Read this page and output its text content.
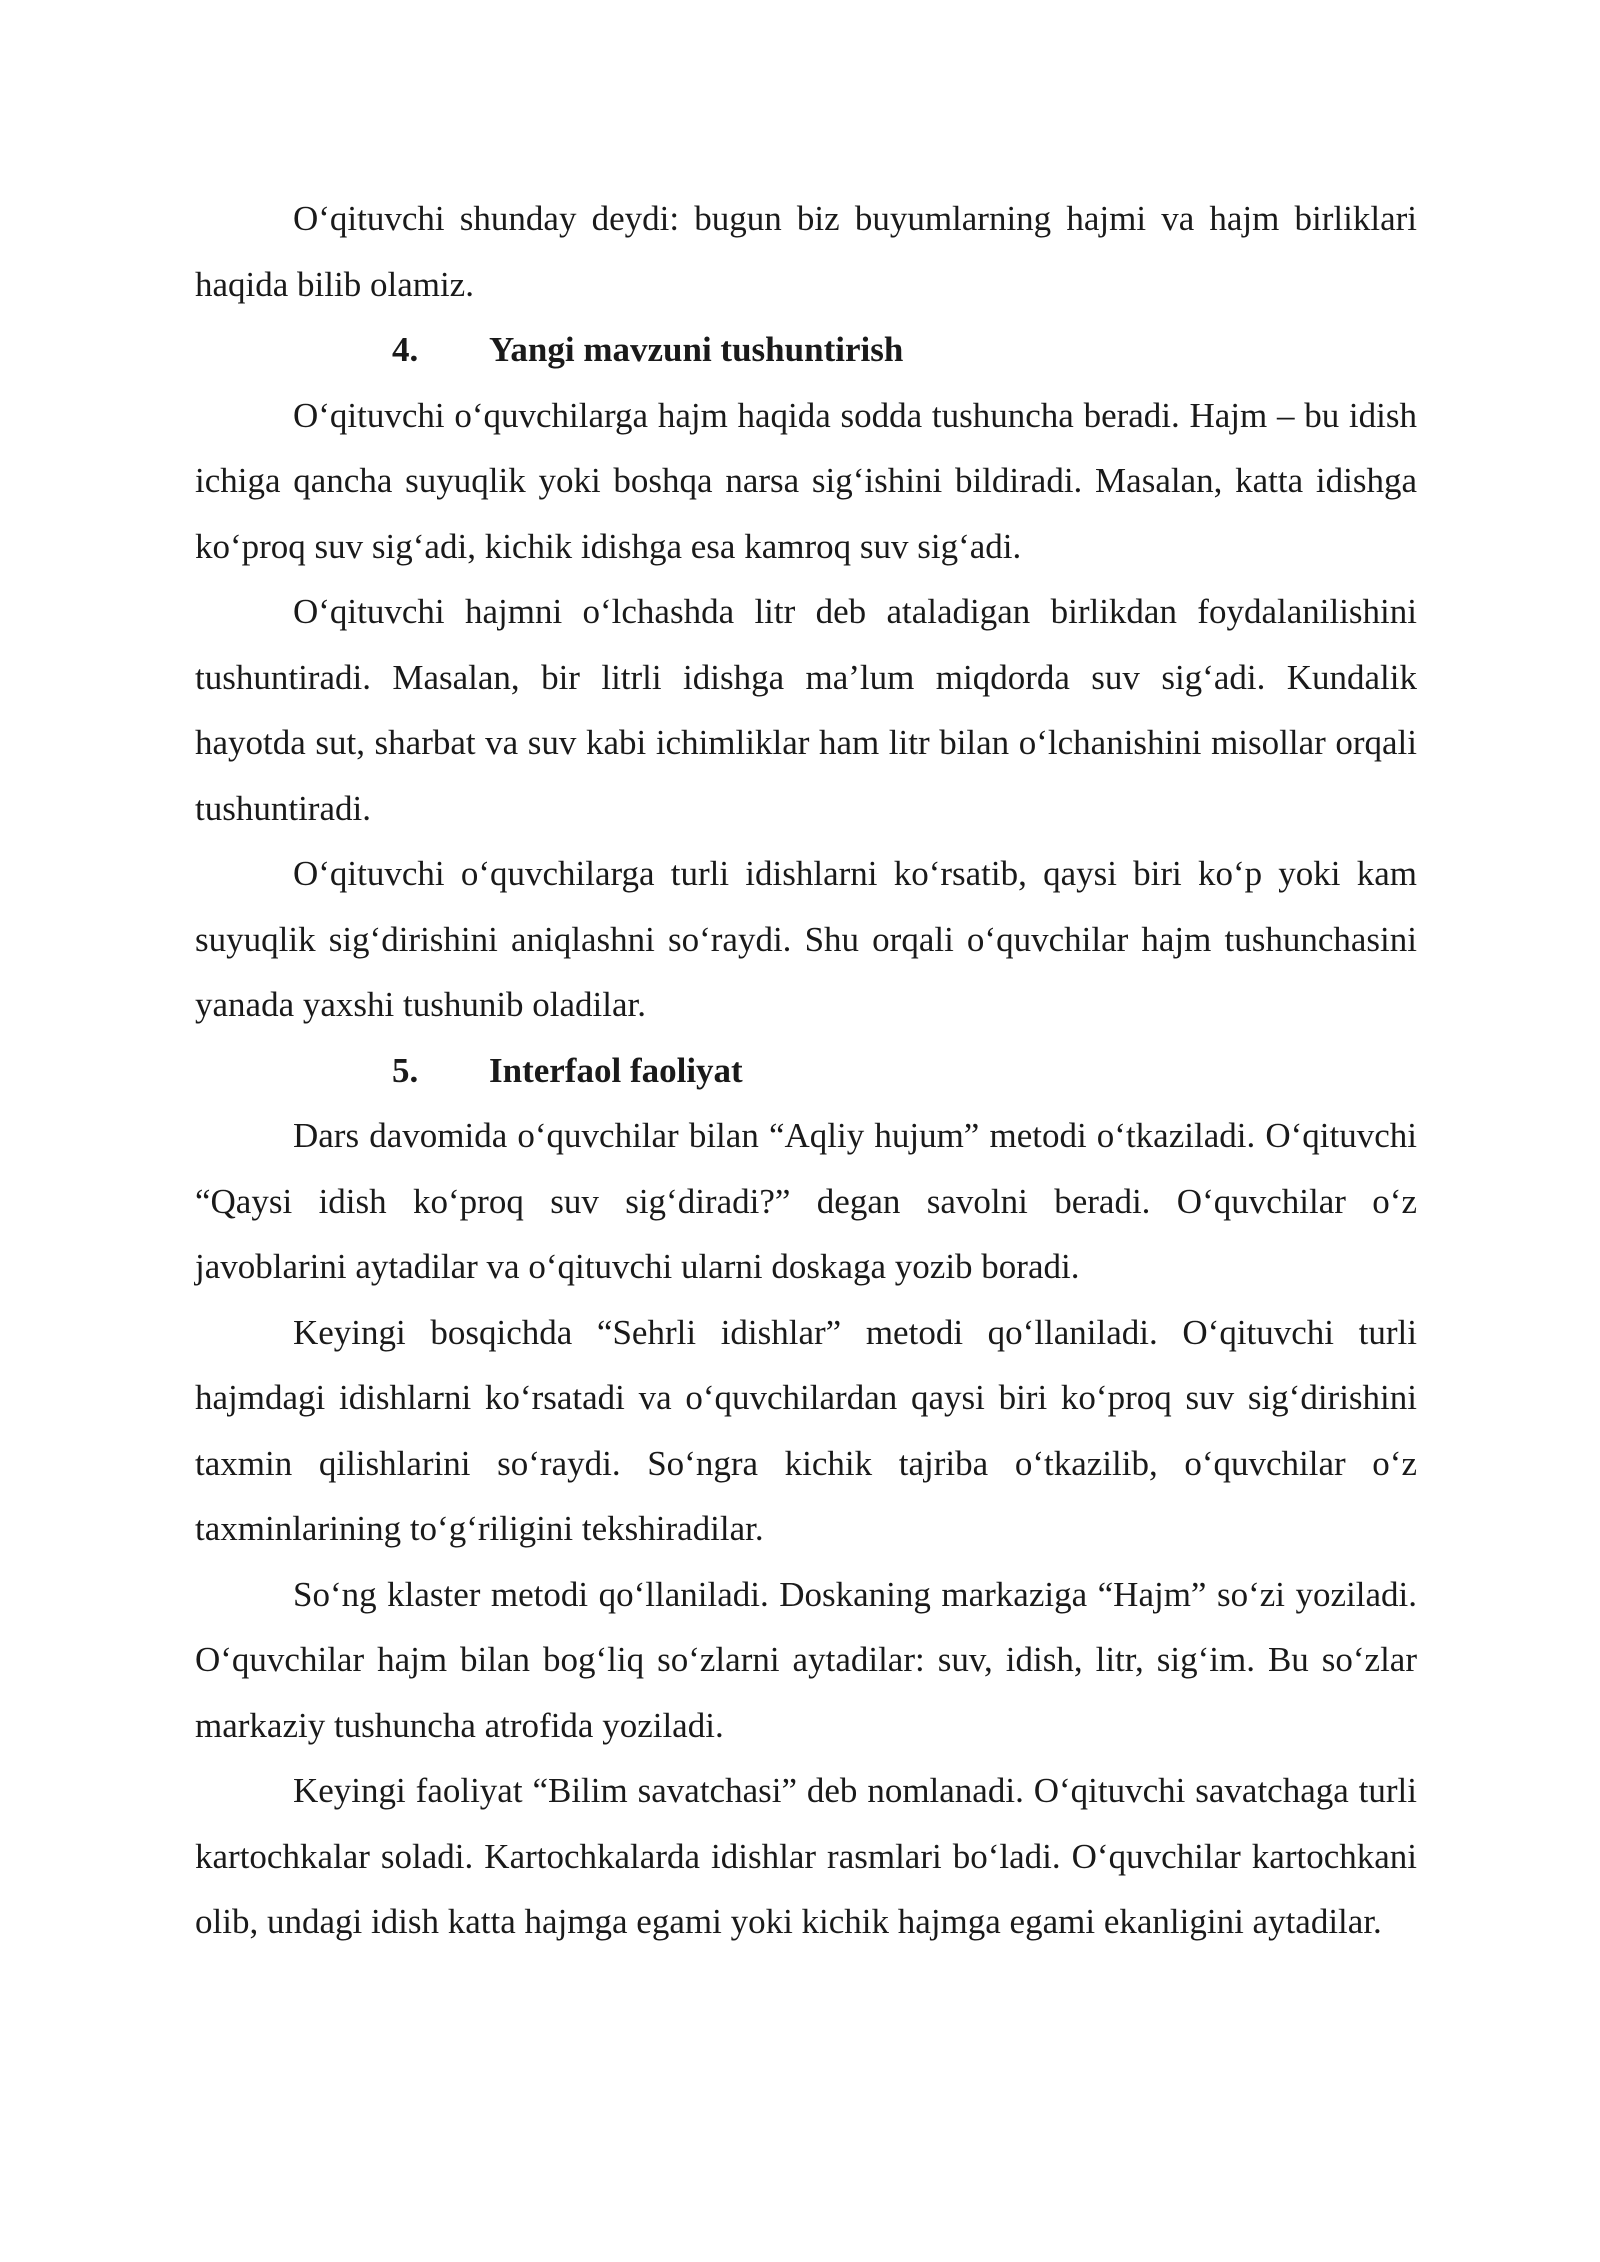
O‘qituvchi shunday deydi: bugun biz buyumlarning hajmi va hajm birliklari haqida bilib olamiz.

4.	Yangi mavzuni tushuntirish

O‘qituvchi o‘quvchilarga hajm haqida sodda tushuncha beradi. Hajm – bu idish ichiga qancha suyuqlik yoki boshqa narsa sig‘ishini bildiradi. Masalan, katta idishga ko‘proq suv sig‘adi, kichik idishga esa kamroq suv sig‘adi.

O‘qituvchi hajmni o‘lchashda litr deb ataladigan birlikdan foydalanilishini tushuntiradi. Masalan, bir litrli idishga ma’lum miqdorda suv sig‘adi. Kundalik hayotda sut, sharbat va suv kabi ichimliklar ham litr bilan o‘lchanishini misollar orqali tushuntiradi.

O‘qituvchi o‘quvchilarga turli idishlarni ko‘rsatib, qaysi biri ko‘p yoki kam suyuqlik sig‘dirishini aniqlashni so‘raydi. Shu orqali o‘quvchilar hajm tushunchasini yanada yaxshi tushunib oladilar.

5.	Interfaol faoliyat

Dars davomida o‘quvchilar bilan “Aqliy hujum” metodi o‘tkaziladi. O‘qituvchi “Qaysi idish ko‘proq suv sig‘diradi?” degan savolni beradi. O‘quvchilar o‘z javoblarini aytadilar va o‘qituvchi ularni doskaga yozib boradi.

Keyingi bosqichda “Sehrli idishlar” metodi qo‘llaniladi. O‘qituvchi turli hajmdagi idishlarni ko‘rsatadi va o‘quvchilardan qaysi biri ko‘proq suv sig‘dirishini taxmin qilishlarini so‘raydi. So‘ngra kichik tajriba o‘tkazilib, o‘quvchilar o‘z taxminlarining to‘g‘riligini tekshiradilar.

So‘ng klaster metodi qo‘llaniladi. Doskaning markaziga “Hajm” so‘zi yoziladi. O‘quvchilar hajm bilan bog‘liq so‘zlarni aytadilar: suv, idish, litr, sig‘im. Bu so‘zlar markaziy tushuncha atrofida yoziladi.

Keyingi faoliyat “Bilim savatchasi” deb nomlanadi. O‘qituvchi savatchaga turli kartochkalar soladi. Kartochkalarda idishlar rasmlari bo‘ladi. O‘quvchilar kartochkani olib, undagi idish katta hajmga egami yoki kichik hajmga egami ekanligini aytadilar.
